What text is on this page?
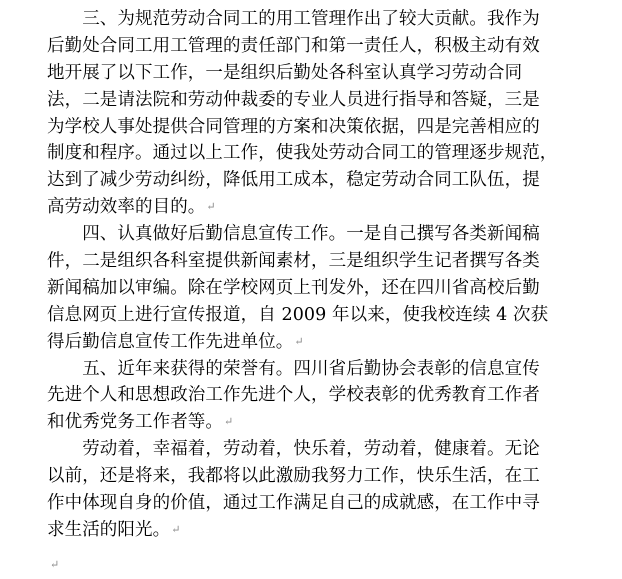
　　三、为规范劳动合同工的用工管理作出了较大贡献。我作为
后勤处合同工用工管理的责任部门和第一责任人，积极主动有效
地开展了以下工作，一是组织后勤处各科室认真学习劳动合同
法，二是请法院和劳动仲裁委的专业人员进行指导和答疑，三是
为学校人事处提供合同管理的方案和决策依据，四是完善相应的
制度和程序。通过以上工作，使我处劳动合同工的管理逐步规范，
达到了减少劳动纠纷，降低用工成本，稳定劳动合同工队伍，提
高劳动效率的目的。↵
　　四、认真做好后勤信息宣传工作。一是自己撰写各类新闻稿
件，二是组织各科室提供新闻素材，三是组织学生记者撰写各类
新闻稿加以审编。除在学校网页上刊发外，还在四川省高校后勤
信息网页上进行宣传报道，自 2009 年以来，使我校连续 4 次获
得后勤信息宣传工作先进单位。↵
　　五、近年来获得的荣誉有。四川省后勤协会表彰的信息宣传
先进个人和思想政治工作先进个人，学校表彰的优秀教育工作者
和优秀党务工作者等。↵
　　劳动着，幸福着，劳动着，快乐着，劳动着，健康着。无论
以前，还是将来，我都将以此激励我努力工作，快乐生活，在工
作中体现自身的价值，通过工作满足自己的成就感，在工作中寻
求生活的阳光。↵
↵
